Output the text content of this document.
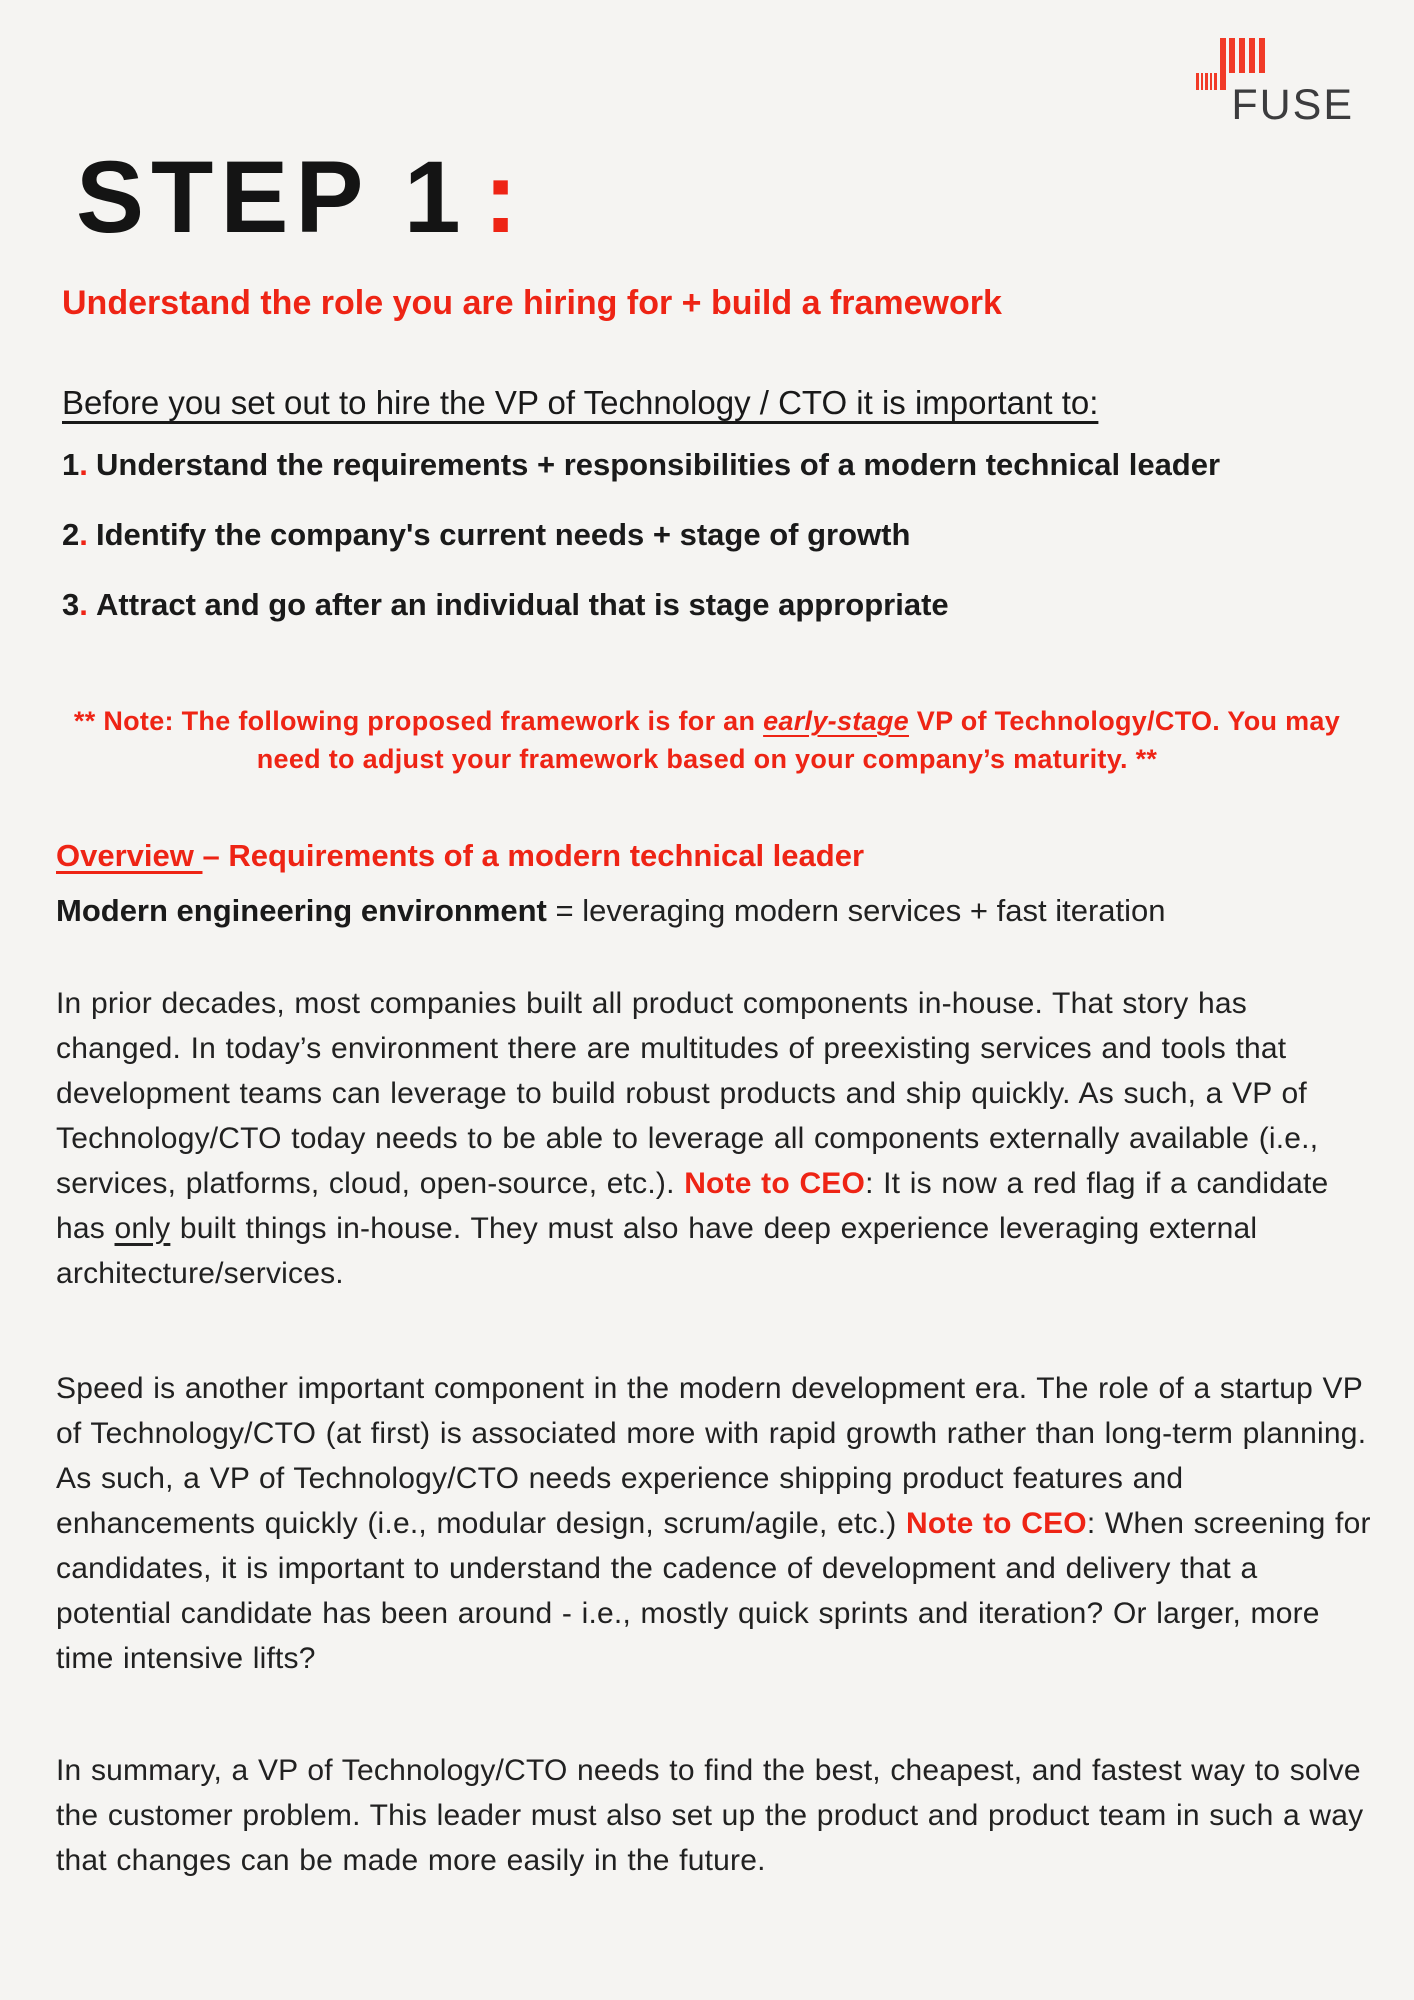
FUSE
STEP 1 :
Understand the role you are hiring for + build a framework

Before you set out to hire the VP of Technology / CTO it is important to:

1. Understand the requirements + responsibilities of a modern technical leader
2. Identify the company's current needs + stage of growth
3. Attract and go after an individual that is stage appropriate

** Note: The following proposed framework is for an early-stage VP of Technology/CTO. You may need to adjust your framework based on your company’s maturity. **

Overview – Requirements of a modern technical leader

Modern engineering environment = leveraging modern services + fast iteration

In prior decades, most companies built all product components in-house. That story has changed. In today’s environment there are multitudes of preexisting services and tools that development teams can leverage to build robust products and ship quickly. As such, a VP of Technology/CTO today needs to be able to leverage all components externally available (i.e., services, platforms, cloud, open-source, etc.). Note to CEO: It is now a red flag if a candidate has only built things in-house. They must also have deep experience leveraging external architecture/services.

Speed is another important component in the modern development era. The role of a startup VP of Technology/CTO (at first) is associated more with rapid growth rather than long-term planning. As such, a VP of Technology/CTO needs experience shipping product features and enhancements quickly (i.e., modular design, scrum/agile, etc.) Note to CEO: When screening for candidates, it is important to understand the cadence of development and delivery that a potential candidate has been around - i.e., mostly quick sprints and iteration? Or larger, more time intensive lifts?

In summary, a VP of Technology/CTO needs to find the best, cheapest, and fastest way to solve the customer problem. This leader must also set up the product and product team in such a way that changes can be made more easily in the future.
